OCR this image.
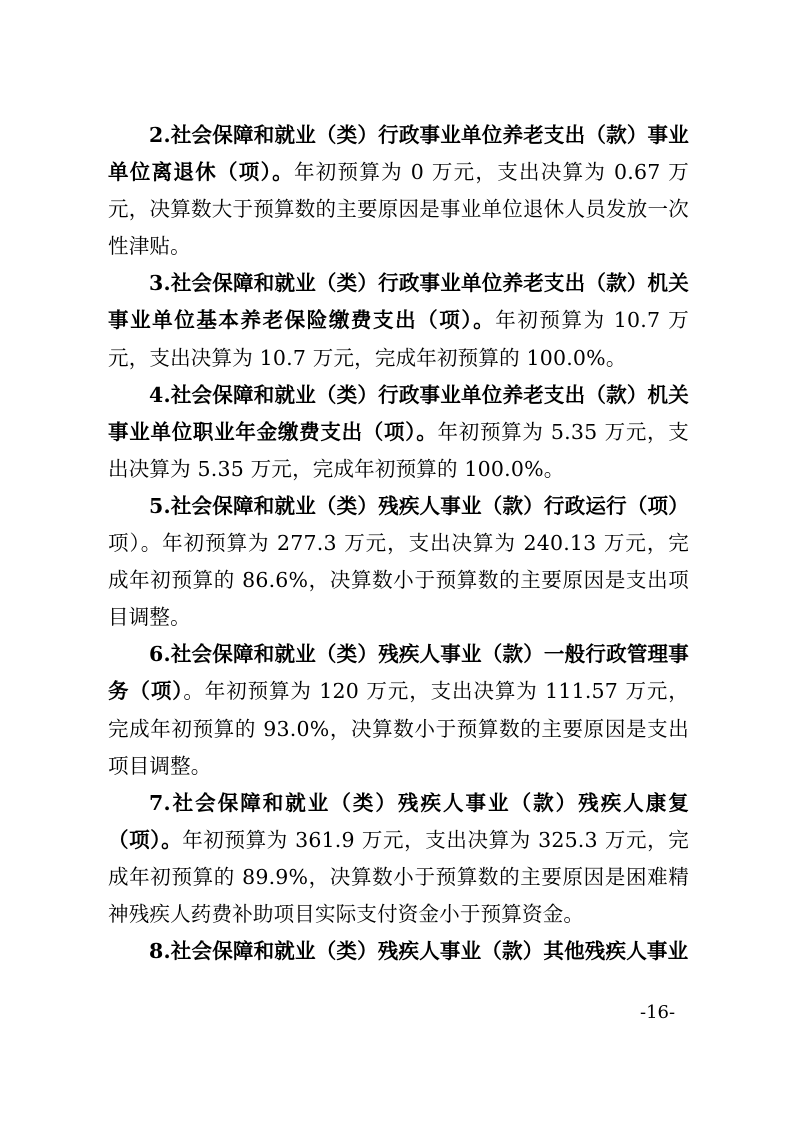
2.社会保障和就业（类）行政事业单位养老支出（款）事业单位离退休（项）。年初预算为 0 万元，支出决算为 0.67 万元，决算数大于预算数的主要原因是事业单位退休人员发放一次性津贴。

3.社会保障和就业（类）行政事业单位养老支出（款）机关事业单位基本养老保险缴费支出（项）。年初预算为 10.7 万元，支出决算为 10.7 万元，完成年初预算的 100.0%。

4.社会保障和就业（类）行政事业单位养老支出（款）机关事业单位职业年金缴费支出（项）。年初预算为 5.35 万元，支出决算为 5.35 万元，完成年初预算的 100.0%。

5.社会保障和就业（类）残疾人事业（款）行政运行（项）项）。年初预算为 277.3 万元，支出决算为 240.13 万元，完成年初预算的 86.6%，决算数小于预算数的主要原因是支出项目调整。

6.社会保障和就业（类）残疾人事业（款）一般行政管理事务（项）。年初预算为 120 万元，支出决算为 111.57 万元，完成年初预算的 93.0%，决算数小于预算数的主要原因是支出项目调整。

7.社会保障和就业（类）残疾人事业（款）残疾人康复（项）。年初预算为 361.9 万元，支出决算为 325.3 万元，完成年初预算的 89.9%，决算数小于预算数的主要原因是困难精神残疾人药费补助项目实际支付资金小于预算资金。

8.社会保障和就业（类）残疾人事业（款）其他残疾人事业

-16-
